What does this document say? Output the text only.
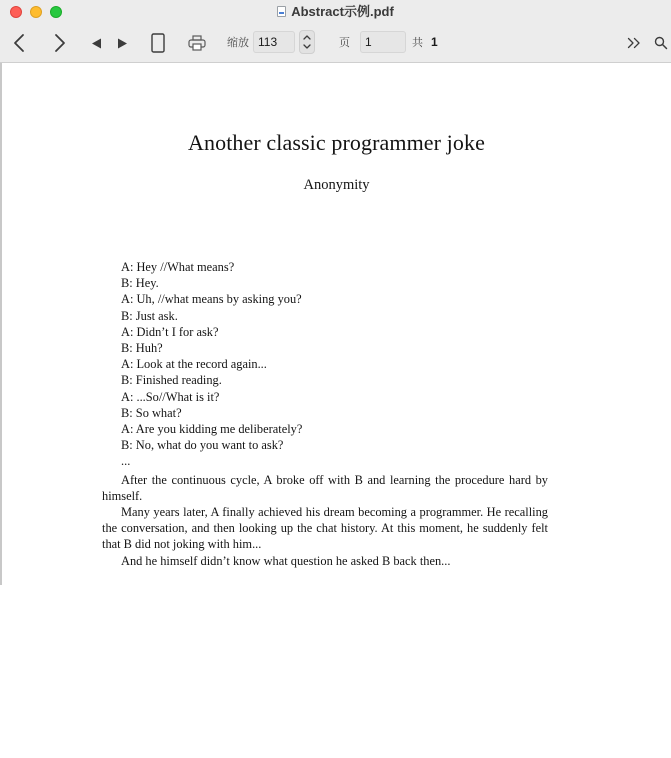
Abstract示例.pdf
缩放
113	页
1	共 1
Another classic programmer joke
Anonymity
A: Hey //What means?
B: Hey.
A: Uh, //what means by asking you?
B: Just ask.
A: Didn’t I for ask?
B: Huh?
A: Look at the record again...
B: Finished reading.
A: ...So//What is it?
B: So what?
A: Are you kidding me deliberately?
B: No, what do you want to ask?
...
After the continuous cycle, A broke off with B and learning the procedure hard by himself.
Many years later, A finally achieved his dream becoming a programmer. He recalling the conversation, and then looking up the chat history. At this moment, he suddenly felt that B did not joking with him...
And he himself didn’t know what question he asked B back then...
